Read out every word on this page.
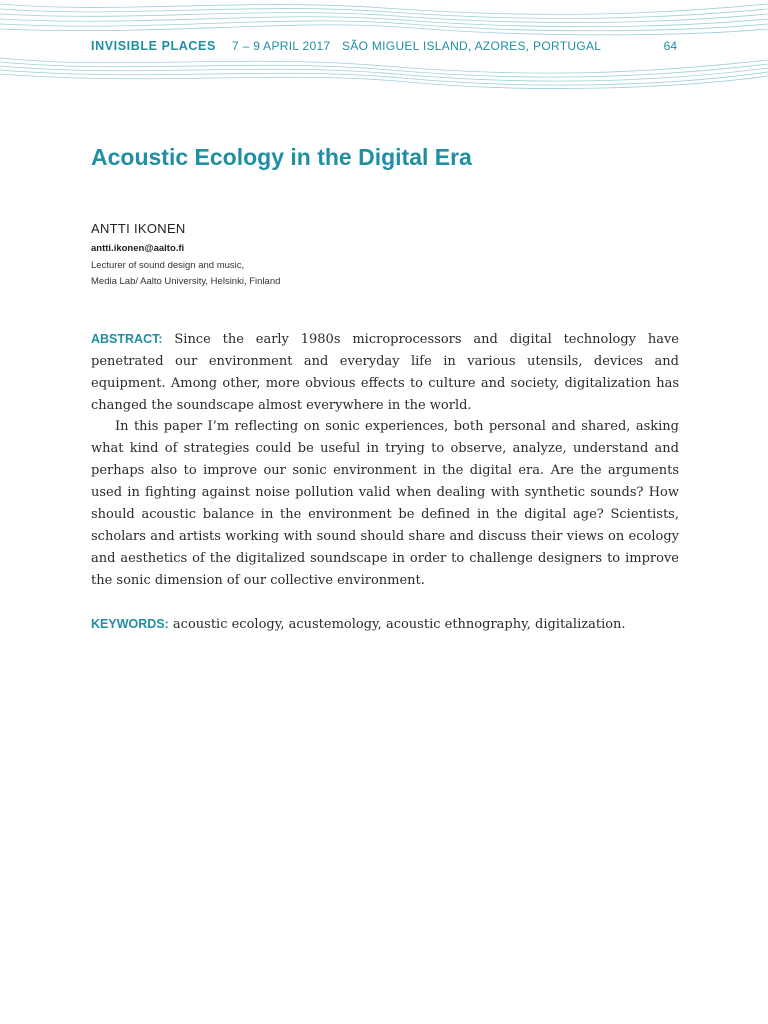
INVISIBLE PLACES 7 – 9 APRIL 2017 SÃO MIGUEL ISLAND, AZORES, PORTUGAL	64
Acoustic Ecology in the Digital Era
ANTTI IKONEN
antti.ikonen@aalto.fi
Lecturer of sound design and music,
Media Lab/ Aalto University, Helsinki, Finland

ABSTRACT: Since the early 1980s microprocessors and digital technology have penetrated our environment and everyday life in various utensils, devices and equipment. Among other, more obvious effects to culture and society, digitalization has changed the soundscape almost everywhere in the world.

In this paper I’m reflecting on sonic experiences, both personal and shared, asking what kind of strategies could be useful in trying to observe, analyze, understand and perhaps also to improve our sonic environment in the digital era. Are the arguments used in fighting against noise pollution valid when dealing with synthetic sounds? How should acoustic balance in the environment be defined in the digital age? Scientists, scholars and artists working with sound should share and discuss their views on ecology and aesthetics of the digitalized soundscape in order to challenge designers to improve the sonic dimension of our collective environment.

KEYWORDS: acoustic ecology, acustemology, acoustic ethnography, digitalization.
